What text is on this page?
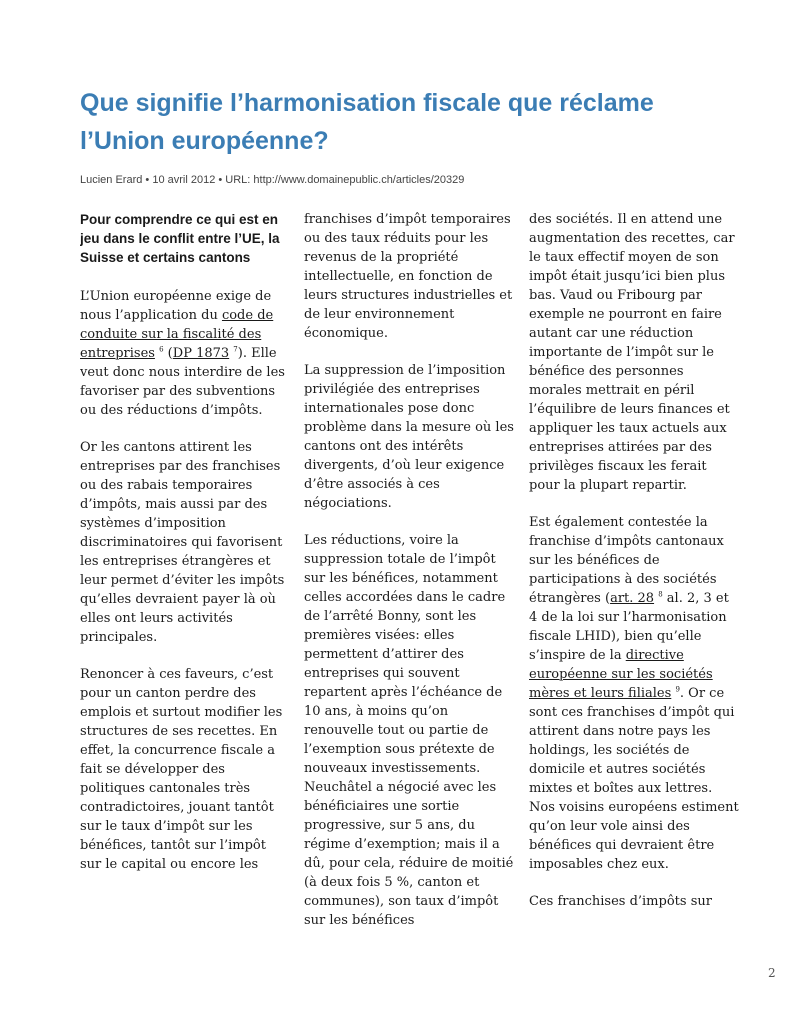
Que signifie l’harmonisation fiscale que réclame l’Union européenne?
Lucien Erard • 10 avril 2012 • URL: http://www.domainepublic.ch/articles/20329

Pour comprendre ce qui est en jeu dans le conflit entre l’UE, la Suisse et certains cantons

L’Union européenne exige de nous l’application du code de conduite sur la fiscalité des entreprises $^6$ (DP 1873 $^7$). Elle veut donc nous interdire de les favoriser par des subventions ou des réductions d’impôts.

Or les cantons attirent les entreprises par des franchises ou des rabais temporaires d’impôts, mais aussi par des systèmes d’imposition discriminatoires qui favorisent les entreprises étrangères et leur permet d’éviter les impôts qu’elles devraient payer là où elles ont leurs activités principales.

Renoncer à ces faveurs, c’est pour un canton perdre des emplois et surtout modifier les structures de ses recettes. En effet, la concurrence fiscale a fait se développer des politiques cantonales très contradictoires, jouant tantôt sur le taux d’impôt sur les bénéfices, tantôt sur l’impôt sur le capital ou encore les

franchises d’impôt temporaires ou des taux réduits pour les revenus de la propriété intellectuelle, en fonction de leurs structures industrielles et de leur environnement économique.

La suppression de l’imposition privilégiée des entreprises internationales pose donc problème dans la mesure où les cantons ont des intérêts divergents, d’où leur exigence d’être associés à ces négociations.

Les réductions, voire la suppression totale de l’impôt sur les bénéfices, notamment celles accordées dans le cadre de l’arrêté Bonny, sont les premières visées: elles permettent d’attirer des entreprises qui souvent repartent après l’échéance de 10 ans, à moins qu’on renouvelle tout ou partie de l’exemption sous prétexte de nouveaux investissements. Neuchâtel a négocié avec les bénéficiaires une sortie progressive, sur 5 ans, du régime d’exemption; mais il a dû, pour cela, réduire de moitié (à deux fois 5 %, canton et communes), son taux d’impôt sur les bénéfices

des sociétés. Il en attend une augmentation des recettes, car le taux effectif moyen de son impôt était jusqu’ici bien plus bas. Vaud ou Fribourg par exemple ne pourront en faire autant car une réduction importante de l’impôt sur le bénéfice des personnes morales mettrait en péril l’équilibre de leurs finances et appliquer les taux actuels aux entreprises attirées par des privilèges fiscaux les ferait pour la plupart repartir.

Est également contestée la franchise d’impôts cantonaux sur les bénéfices de participations à des sociétés étrangères (art. 28 $^8$ al. 2, 3 et 4 de la loi sur l’harmonisation fiscale LHID), bien qu’elle s’inspire de la directive européenne sur les sociétés mères et leurs filiales $^9$. Or ce sont ces franchises d’impôt qui attirent dans notre pays les holdings, les sociétés de domicile et autres sociétés mixtes et boîtes aux lettres. Nos voisins européens estiment qu’on leur vole ainsi des bénéfices qui devraient être imposables chez eux.

Ces franchises d’impôts sur

2
